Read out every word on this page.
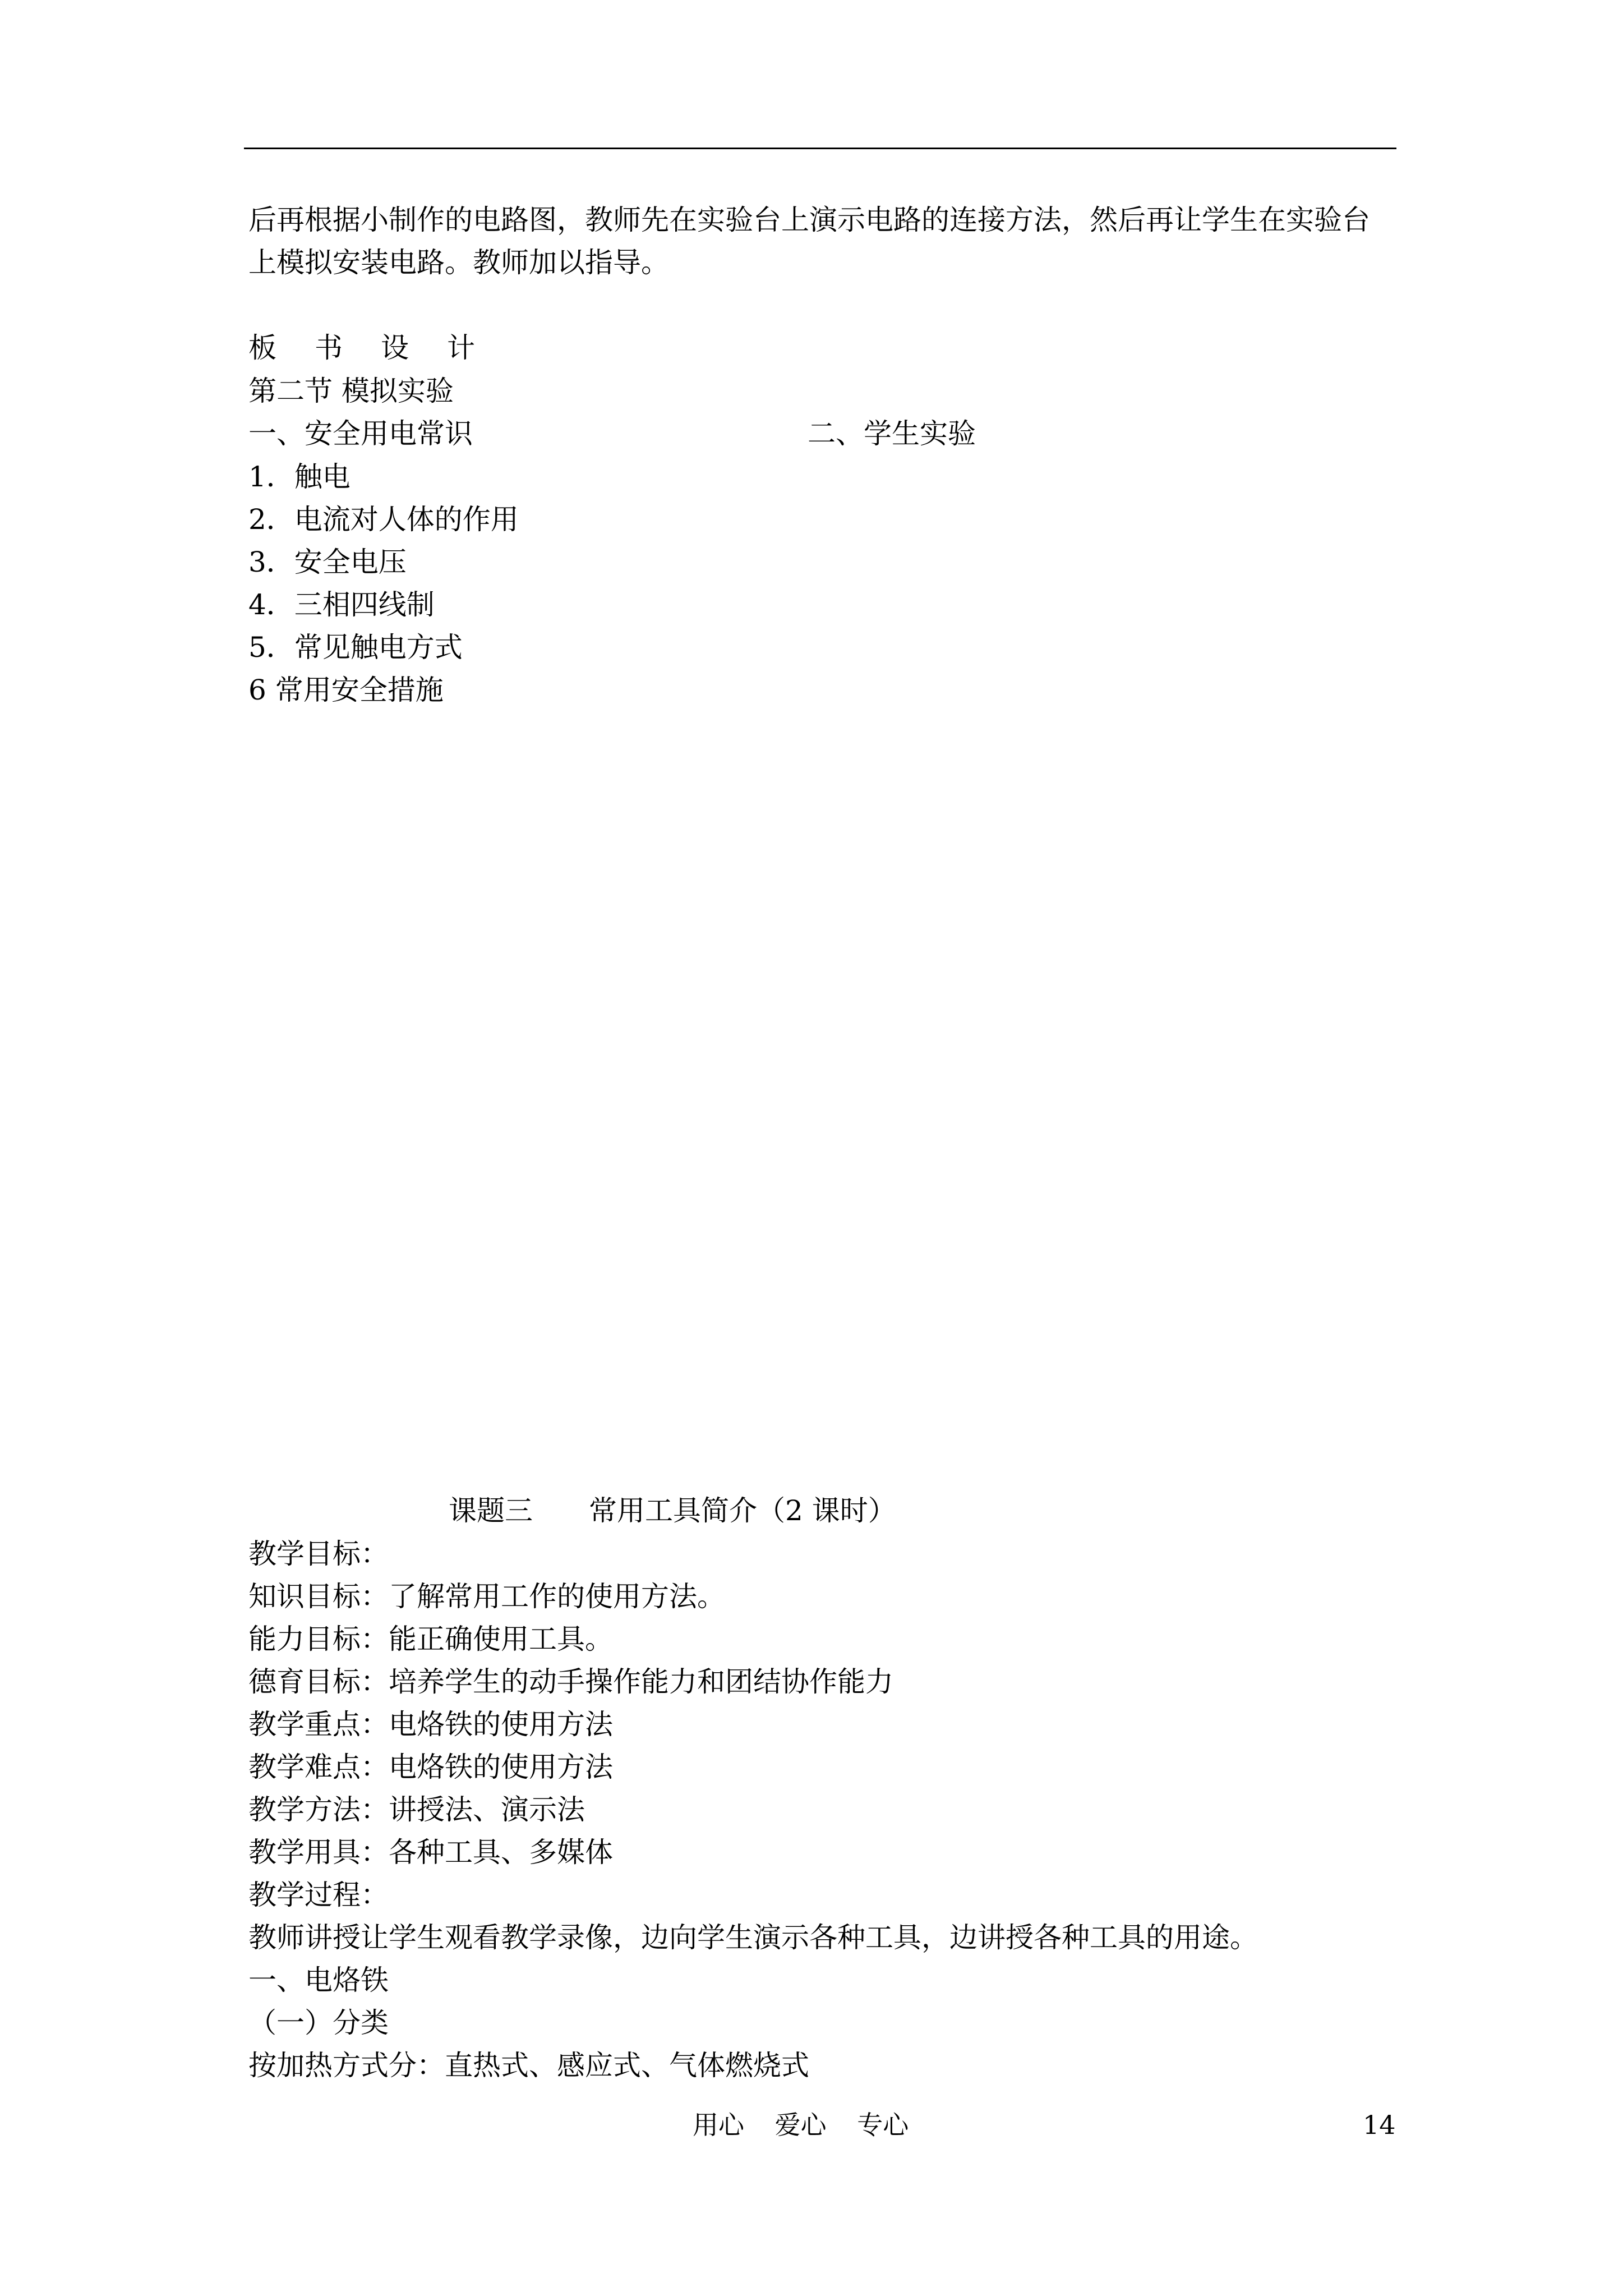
后再根据小制作的电路图，教师先在实验台上演示电路的连接方法，然后再让学生在实验台
上模拟安装电路。教师加以指导。
板书设计
第二节 模拟实验
一、安全用电常识	二、学生实验
1．触电
2．电流对人体的作用
3．安全电压
4．三相四线制
5．常见触电方式
6 常用安全措施
课题三 常用工具简介（2 课时）
教学目标：
知识目标：了解常用工作的使用方法。
能力目标：能正确使用工具。
德育目标：培养学生的动手操作能力和团结协作能力
教学重点：电烙铁的使用方法
教学难点：电烙铁的使用方法
教学方法：讲授法、演示法
教学用具：各种工具、多媒体
教学过程：
教师讲授让学生观看教学录像，边向学生演示各种工具，边讲授各种工具的用途。
一、电烙铁
（一）分类
按加热方式分：直热式、感应式、气体燃烧式
用心 爱心 专心	14
